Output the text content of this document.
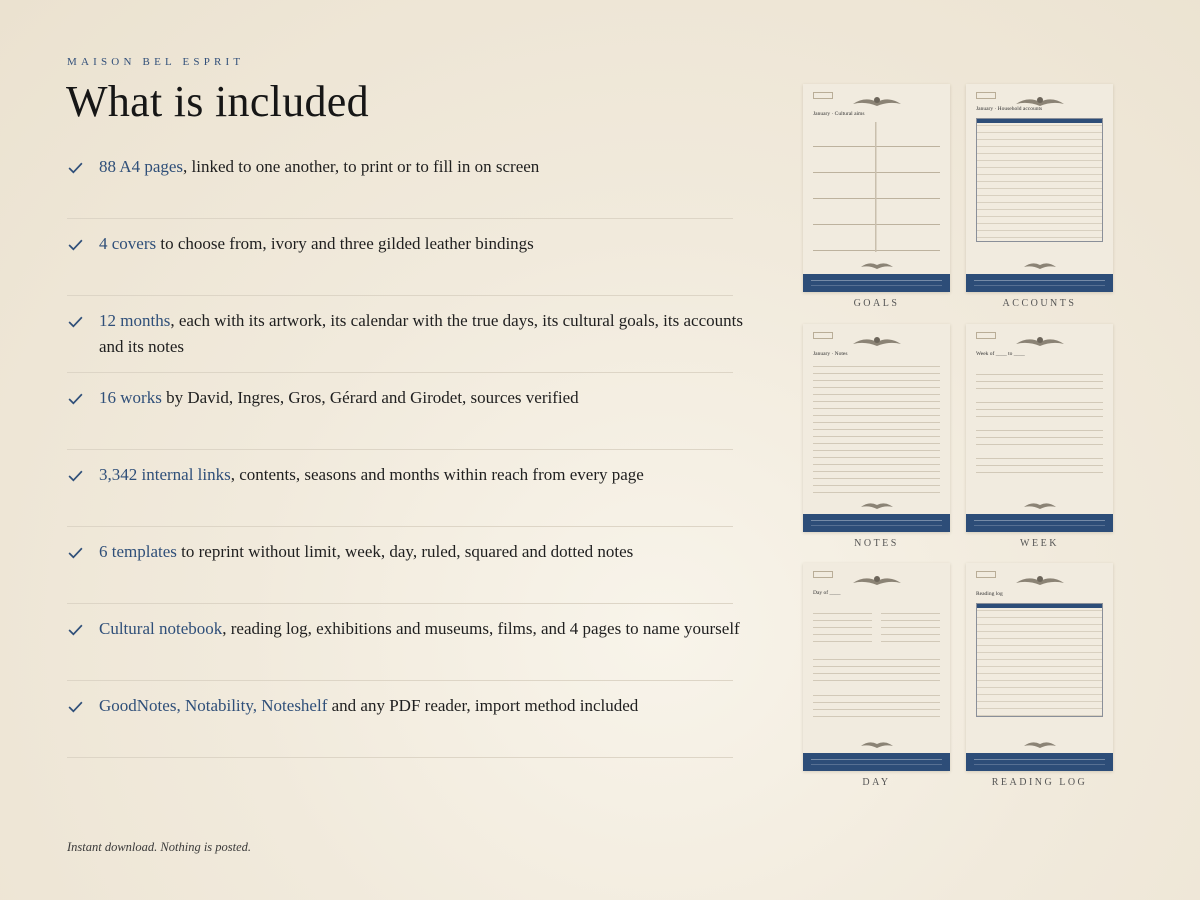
MAISON BEL ESPRIT
What is included
88 A4 pages, linked to one another, to print or to fill in on screen
4 covers to choose from, ivory and three gilded leather bindings
12 months, each with its artwork, its calendar with the true days, its cultural goals, its accounts and its notes
16 works by David, Ingres, Gros, Gérard and Girodet, sources verified
3,342 internal links, contents, seasons and months within reach from every page
6 templates to reprint without limit, week, day, ruled, squared and dotted notes
Cultural notebook, reading log, exhibitions and museums, films, and 4 pages to name yourself
GoodNotes, Notability, Noteshelf and any PDF reader, import method included
Instant download. Nothing is posted.
January · Cultural aims
GOALS
January · Household accounts
ACCOUNTS
January · Notes
NOTES
Week of ____ to ____
WEEK
Day of ____
DAY
Reading log
READING LOG
